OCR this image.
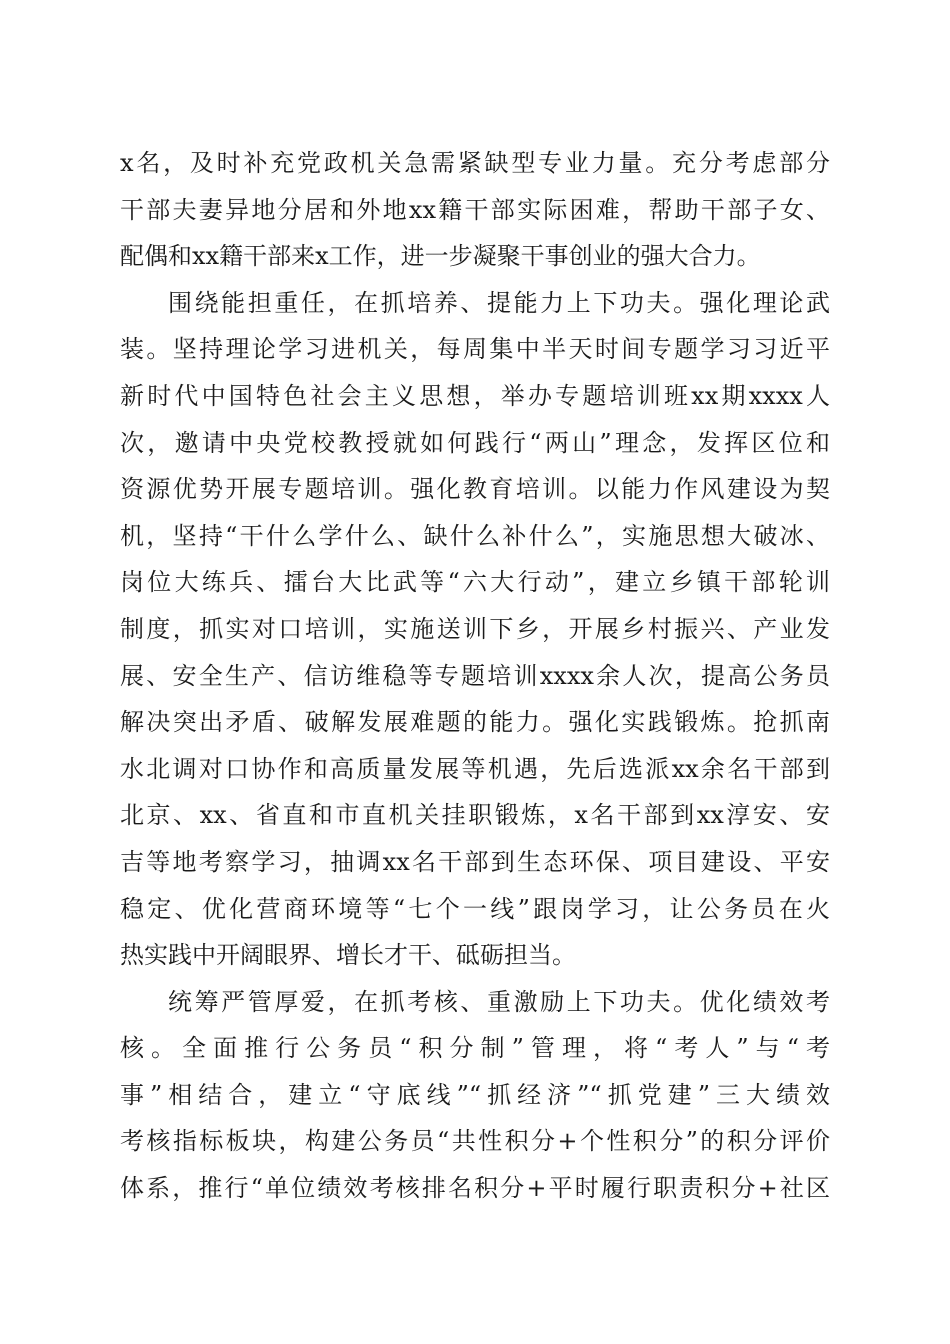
x名，及时补充党政机关急需紧缺型专业力量。充分考虑部分
干部夫妻异地分居和外地xx籍干部实际困难，帮助干部子女、
配偶和xx籍干部来x工作，进一步凝聚干事创业的强大合力。
围绕能担重任，在抓培养、提能力上下功夫。强化理论武
装。坚持理论学习进机关，每周集中半天时间专题学习习近平
新时代中国特色社会主义思想，举办专题培训班xx期xxxx人
次，邀请中央党校教授就如何践行“两山”理念，发挥区位和
资源优势开展专题培训。强化教育培训。以能力作风建设为契
机，坚持“干什么学什么、缺什么补什么”，实施思想大破冰、
岗位大练兵、擂台大比武等“六大行动”，建立乡镇干部轮训
制度，抓实对口培训，实施送训下乡，开展乡村振兴、产业发
展、安全生产、信访维稳等专题培训xxxx余人次，提高公务员
解决突出矛盾、破解发展难题的能力。强化实践锻炼。抢抓南
水北调对口协作和高质量发展等机遇，先后选派xx余名干部到
北京、xx、省直和市直机关挂职锻炼，x名干部到xx淳安、安
吉等地考察学习，抽调xx名干部到生态环保、项目建设、平安
稳定、优化营商环境等“七个一线”跟岗学习，让公务员在火
热实践中开阔眼界、增长才干、砥砺担当。
统筹严管厚爱，在抓考核、重激励上下功夫。优化绩效考
核。全面推行公务员“积分制”管理，将“考人”与“考
事”相结合，建立“守底线”“抓经济”“抓党建”三大绩效
考核指标板块，构建公务员“共性积分+个性积分”的积分评价
体系，推行“单位绩效考核排名积分+平时履行职责积分+社区
